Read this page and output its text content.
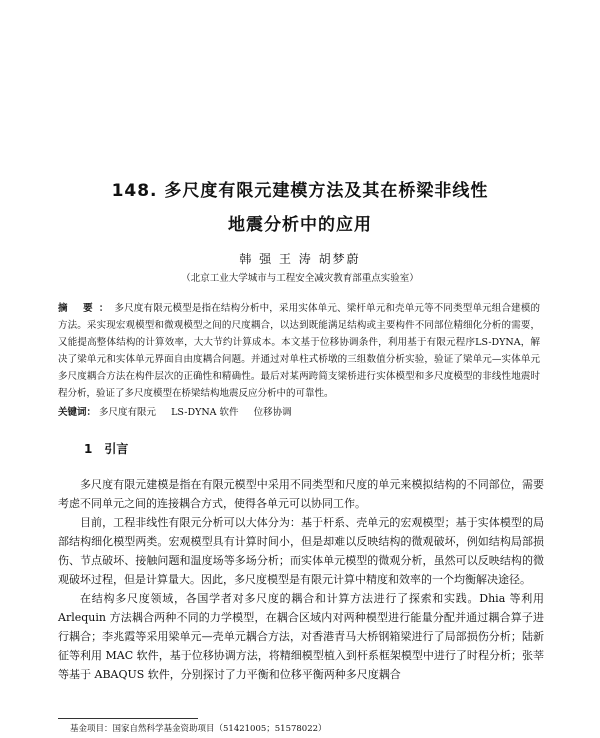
148. 多尺度有限元建模方法及其在桥梁非线性
地震分析中的应用
韩 强 王 涛 胡梦蔚
（北京工业大学城市与工程安全减灾教育部重点实验室）
摘 要：多尺度有限元模型是指在结构分析中，采用实体单元、梁杆单元和壳单元等不同类型单元组合建模的方法。采实现宏观模型和微观模型之间的尺度耦合，以达到既能满足结构或主要构件不同部位精细化分析的需要，又能提高整体结构的计算效率，大大节约计算成本。本文基于位移协调条件，利用基于有限元程序LS-DYNA，解决了梁单元和实体单元界面自由度耦合问题。并通过对单柱式桥墩的三组数值分析实验，验证了梁单元—实体单元多尺度耦合方法在构件层次的正确性和精确性。最后对某两跨简支梁桥进行实体模型和多尺度模型的非线性地震时程分析，验证了多尺度模型在桥梁结构地震反应分析中的可靠性。
关键词： 多尺度有限元 LS-DYNA 软件 位移协调
1 引言

多尺度有限元建模是指在有限元模型中采用不同类型和尺度的单元来模拟结构的不同部位，需要考虑不同单元之间的连接耦合方式，使得各单元可以协同工作。

目前，工程非线性有限元分析可以大体分为：基于杆系、壳单元的宏观模型；基于实体模型的局部结构细化模型两类。宏观模型具有计算时间小，但是却难以反映结构的微观破坏，例如结构局部损伤、节点破坏、接触问题和温度场等多场分析；而实体单元模型的微观分析，虽然可以反映结构的微观破坏过程，但是计算量大。因此，多尺度模型是有限元计算中精度和效率的一个均衡解决途径。

在结构多尺度领域，各国学者对多尺度的耦合和计算方法进行了探索和实践。Dhia 等利用 Arlequin 方法耦合两种不同的力学模型，在耦合区域内对两种模型进行能量分配并通过耦合算子进行耦合；李兆霞等采用梁单元—壳单元耦合方法，对香港青马大桥钢箱梁进行了局部损伤分析；陆新征等利用 MAC 软件，基于位移协调方法，将精细模型植入到杆系框架模型中进行了时程分析；张莘等基于 ABAQUS 软件，分别探讨了力平衡和位移平衡两种多尺度耦合

基金项目：国家自然科学基金资助项目（51421005；51578022）
